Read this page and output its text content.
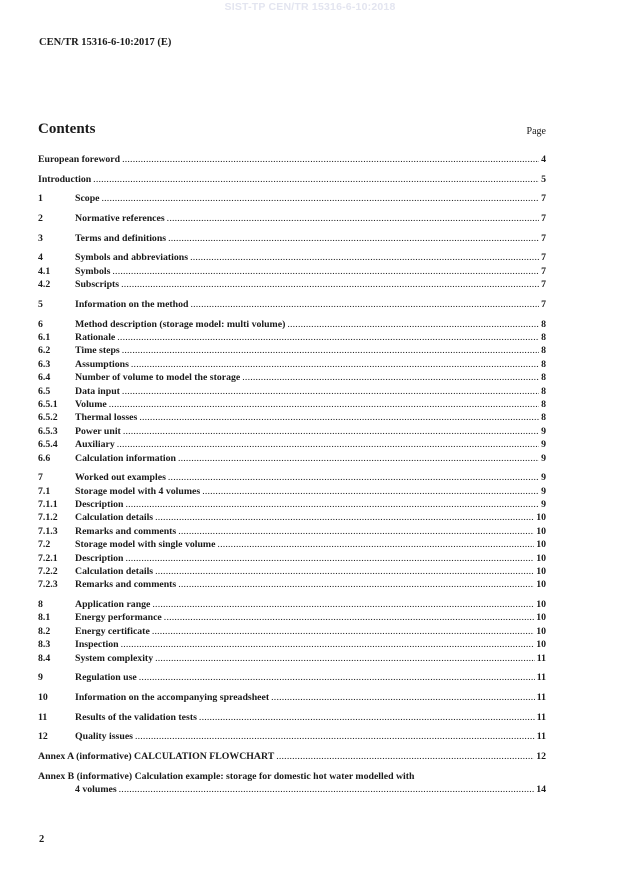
SIST-TP CEN/TR 15316-6-10:2018
CEN/TR 15316-6-10:2017 (E)
Contents	Page
European foreword .....	4
Introduction .....	5
1	Scope .....	7
2	Normative references .....	7
3	Terms and definitions .....	7
4	Symbols and abbreviations .....	7
4.1	Symbols .....	7
4.2	Subscripts .....	7
5	Information on the method .....	7
6	Method description (storage model: multi volume) .....	8
6.1	Rationale .....	8
6.2	Time steps .....	8
6.3	Assumptions .....	8
6.4	Number of volume to model the storage .....	8
6.5	Data input .....	8
6.5.1	Volume .....	8
6.5.2	Thermal losses .....	8
6.5.3	Power unit .....	9
6.5.4	Auxiliary .....	9
6.6	Calculation information .....	9
7	Worked out examples .....	9
7.1	Storage model with 4 volumes .....	9
7.1.1	Description .....	9
7.1.2	Calculation details .....	10
7.1.3	Remarks and comments .....	10
7.2	Storage model with single volume .....	10
7.2.1	Description .....	10
7.2.2	Calculation details .....	10
7.2.3	Remarks and comments .....	10
8	Application range .....	10
8.1	Energy performance .....	10
8.2	Energy certificate .....	10
8.3	Inspection .....	10
8.4	System complexity .....	11
9	Regulation use .....	11
10	Information on the accompanying spreadsheet .....	11
11	Results of the validation tests .....	11
12	Quality issues .....	11
Annex A (informative) CALCULATION FLOWCHART .....	12
Annex B (informative) Calculation example: storage for domestic hot water modelled with
4 volumes .....	14
2
